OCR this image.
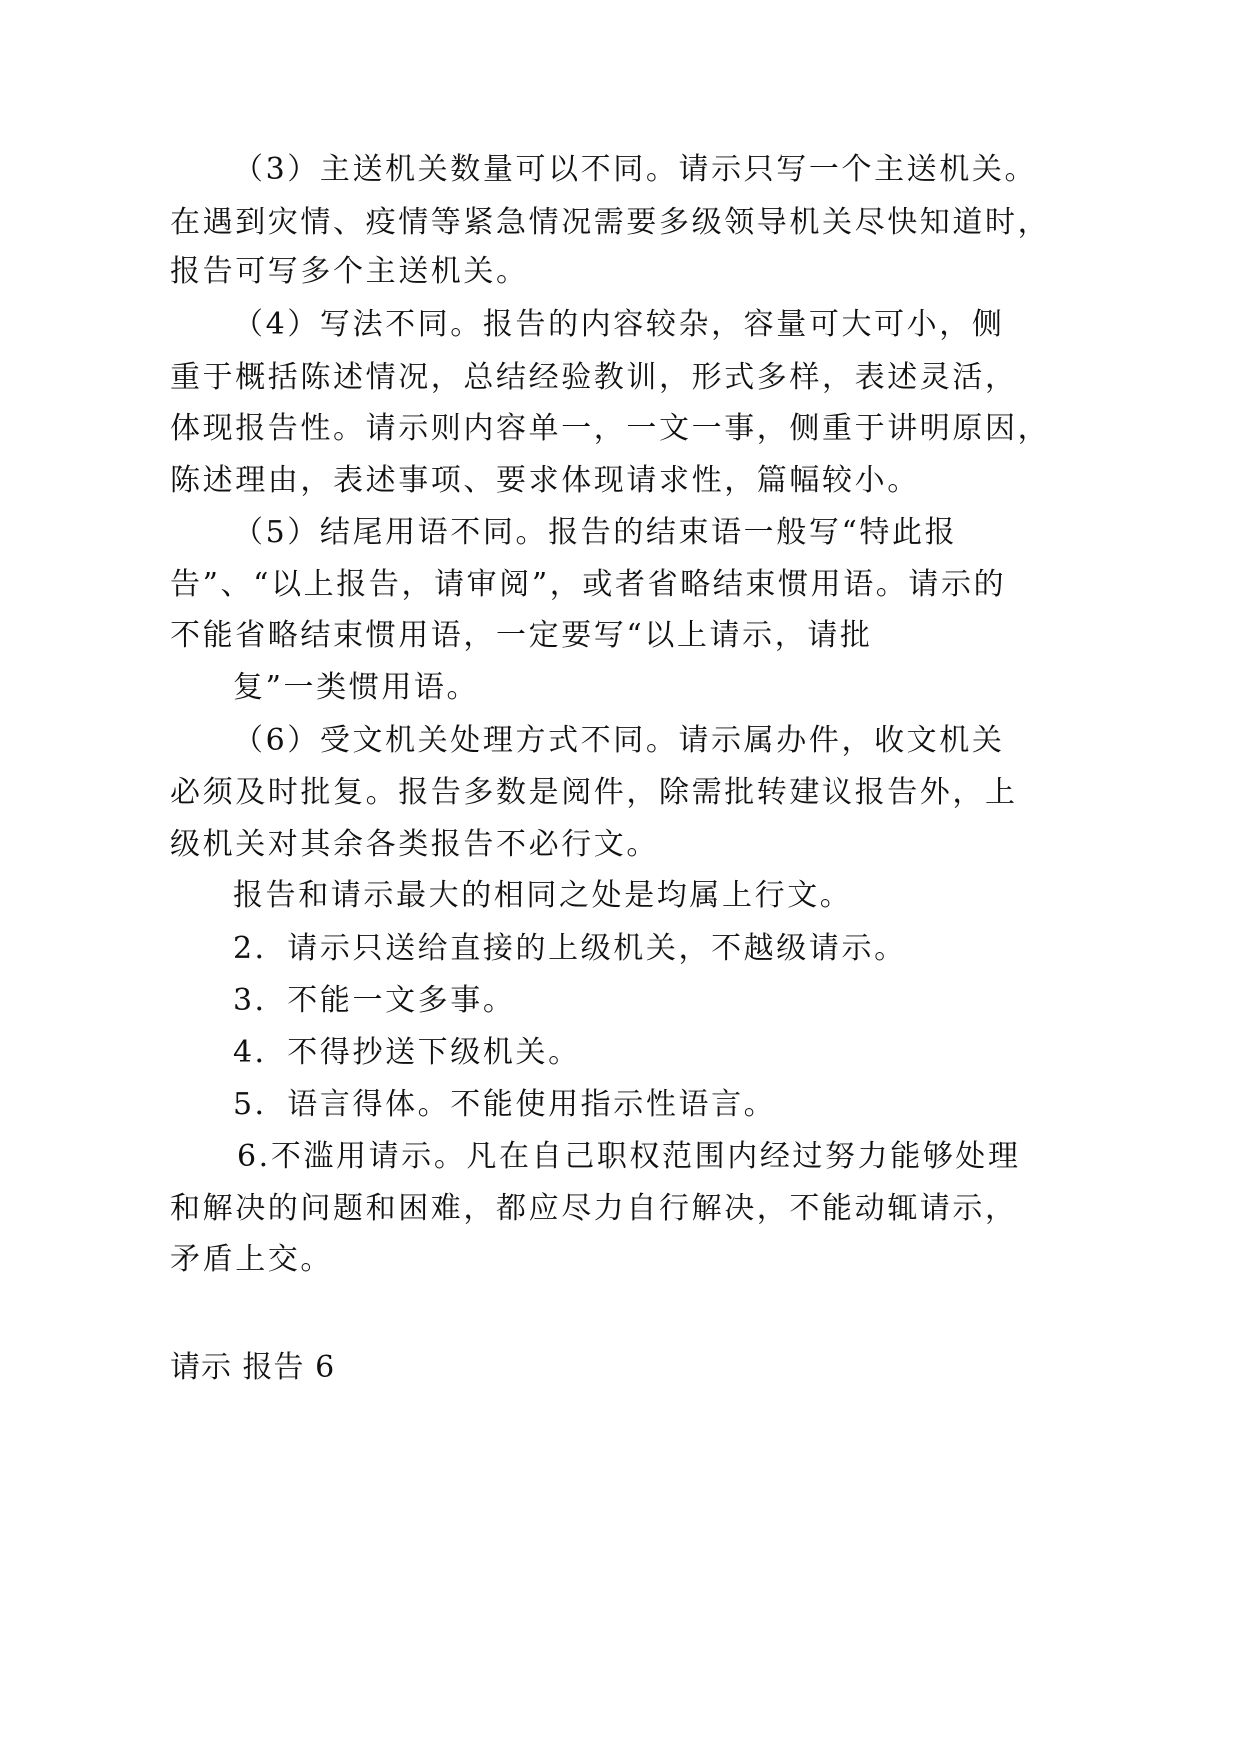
（3）主送机关数量可以不同。请示只写一个主送机关。
在遇到灾情、疫情等紧急情况需要多级领导机关尽快知道时，
报告可写多个主送机关。
（4）写法不同。报告的内容较杂，容量可大可小，侧
重于概括陈述情况，总结经验教训，形式多样，表述灵活，
体现报告性。请示则内容单一，一文一事，侧重于讲明原因，
陈述理由，表述事项、要求体现请求性，篇幅较小。
（5）结尾用语不同。报告的结束语一般写“特此报
告”、“以上报告，请审阅”，或者省略结束惯用语。请示的
不能省略结束惯用语，一定要写“以上请示，请批
复”一类惯用语。
（6）受文机关处理方式不同。请示属办件，收文机关
必须及时批复。报告多数是阅件，除需批转建议报告外，上
级机关对其余各类报告不必行文。
报告和请示最大的相同之处是均属上行文。
2．请示只送给直接的上级机关，不越级请示。
3．不能一文多事。
4．不得抄送下级机关。
5．语言得体。不能使用指示性语言。
6.不滥用请示。凡在自己职权范围内经过努力能够处理
和解决的问题和困难，都应尽力自行解决，不能动辄请示，
矛盾上交。
请示 报告 6
